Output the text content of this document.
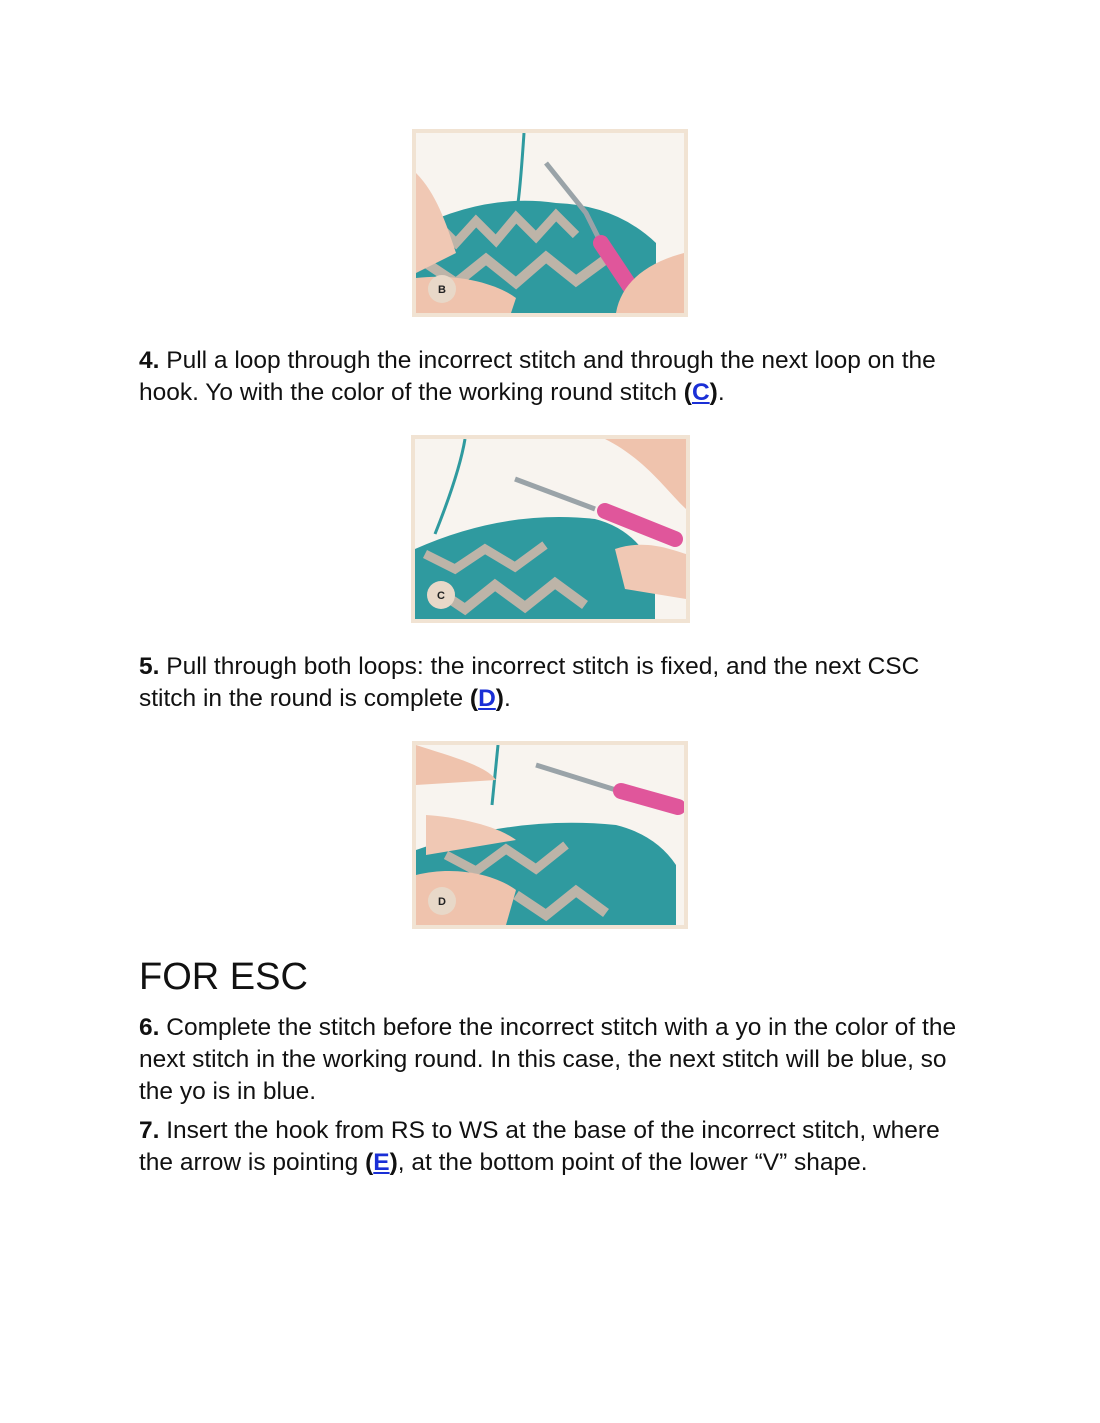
B

4. Pull a loop through the incorrect stitch and through the next loop on the hook. Yo with the color of the working round stitch (C).

C

5. Pull through both loops: the incorrect stitch is fixed, and the next CSC stitch in the round is complete (D).

D
FOR ESC

6. Complete the stitch before the incorrect stitch with a yo in the color of the next stitch in the working round. In this case, the next stitch will be blue, so the yo is in blue.

7. Insert the hook from RS to WS at the base of the incorrect stitch, where the arrow is pointing (E), at the bottom point of the lower “V” shape.
